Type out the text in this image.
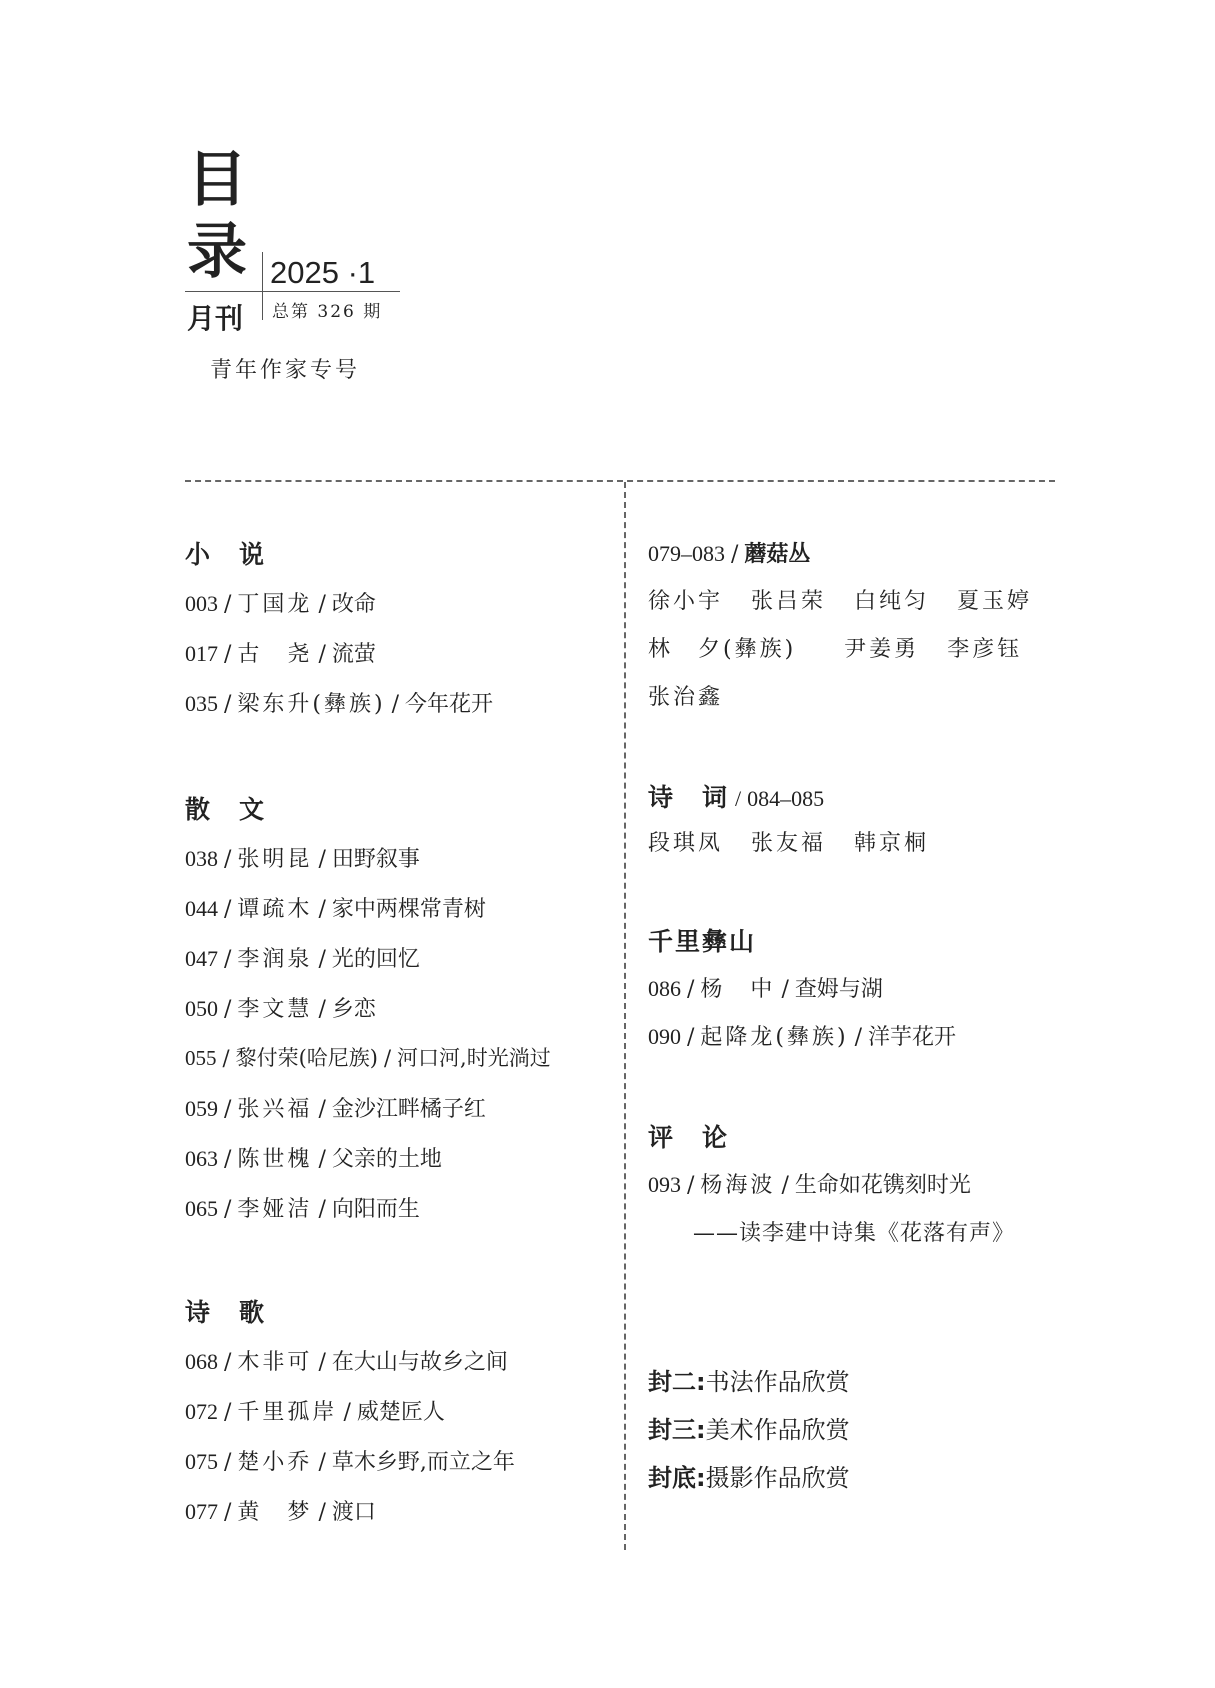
目
录 2025 ·1
月刊 总第 326 期
青年作家专号
小　说
003 / 丁国龙 / 改命
017 / 古　尧 / 流萤
035 / 梁东升(彝族) / 今年花开
散　文
038 / 张明昆 / 田野叙事
044 / 谭疏木 / 家中两棵常青树
047 / 李润泉 / 光的回忆
050 / 李文慧 / 乡恋
055 / 黎付荣(哈尼族) / 河口河,时光淌过
059 / 张兴福 / 金沙江畔橘子红
063 / 陈世槐 / 父亲的土地
065 / 李娅洁 / 向阳而生
诗　歌
068 / 木非可 / 在大山与故乡之间
072 / 千里孤岸 / 威楚匠人
075 / 楚小乔 / 草木乡野,而立之年
077 / 黄　梦 / 渡口
079–083 / 蘑菇丛
徐小宇 张吕荣 白纯匀 夏玉婷
林　夕(彝族) 尹姜勇 李彦钰
张治鑫
诗　词 / 084–085
段琪凤 张友福 韩京桐
千里彝山
086 / 杨　中 / 查姆与湖
090 / 起降龙(彝族) / 洋芋花开
评　论
093 / 杨海波 / 生命如花镌刻时光
——读李建中诗集《花落有声》
封二:书法作品欣赏
封三:美术作品欣赏
封底:摄影作品欣赏
